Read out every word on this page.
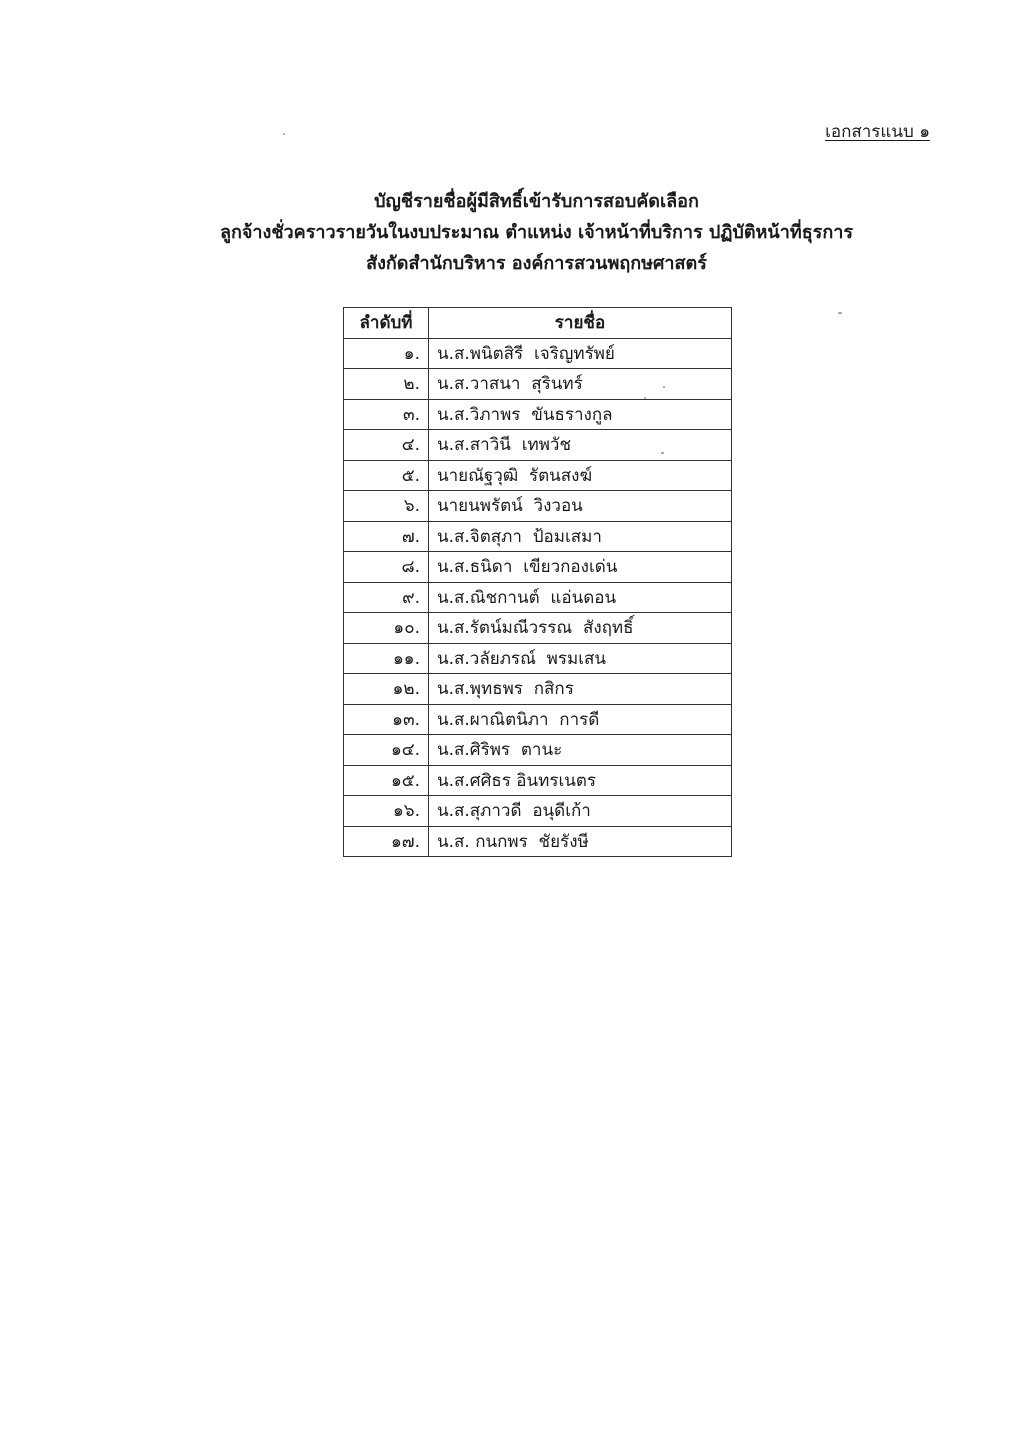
เอกสารแนบ ๑
บัญชีรายชื่อผู้มีสิทธิ์เข้ารับการสอบคัดเลือก
ลูกจ้างชั่วคราวรายวันในงบประมาณ ตำแหน่ง เจ้าหน้าที่บริการ ปฏิบัติหน้าที่ธุรการ
สังกัดสำนักบริหาร องค์การสวนพฤกษศาสตร์
ลำดับที่	รายชื่อ
๑.	น.ส.พนิตสิรี  เจริญทรัพย์
๒.	น.ส.วาสนา  สุรินทร์
๓.	น.ส.วิภาพร  ขันธรางกูล
๔.	น.ส.สาวินี  เทพวัช
๕.	นายณัฐวุฒิ  รัตนสงฆ์
๖.	นายนพรัตน์  วิงวอน
๗.	น.ส.จิตสุภา  ป้อมเสมา
๘.	น.ส.ธนิดา  เขียวกองเด่น
๙.	น.ส.ณิชกานต์  แอ่นดอน
๑๐.	น.ส.รัตน์มณีวรรณ  สังฤทธิ์
๑๑.	น.ส.วลัยภรณ์  พรมเสน
๑๒.	น.ส.พุทธพร  กสิกร
๑๓.	น.ส.ผาณิตนิภา  การดี
๑๔.	น.ส.ศิริพร  ตานะ
๑๕.	น.ส.ศศิธร อินทรเนตร
๑๖.	น.ส.สุภาวดี  อนุดีเก้า
๑๗.	น.ส. กนกพร  ชัยรังษี
